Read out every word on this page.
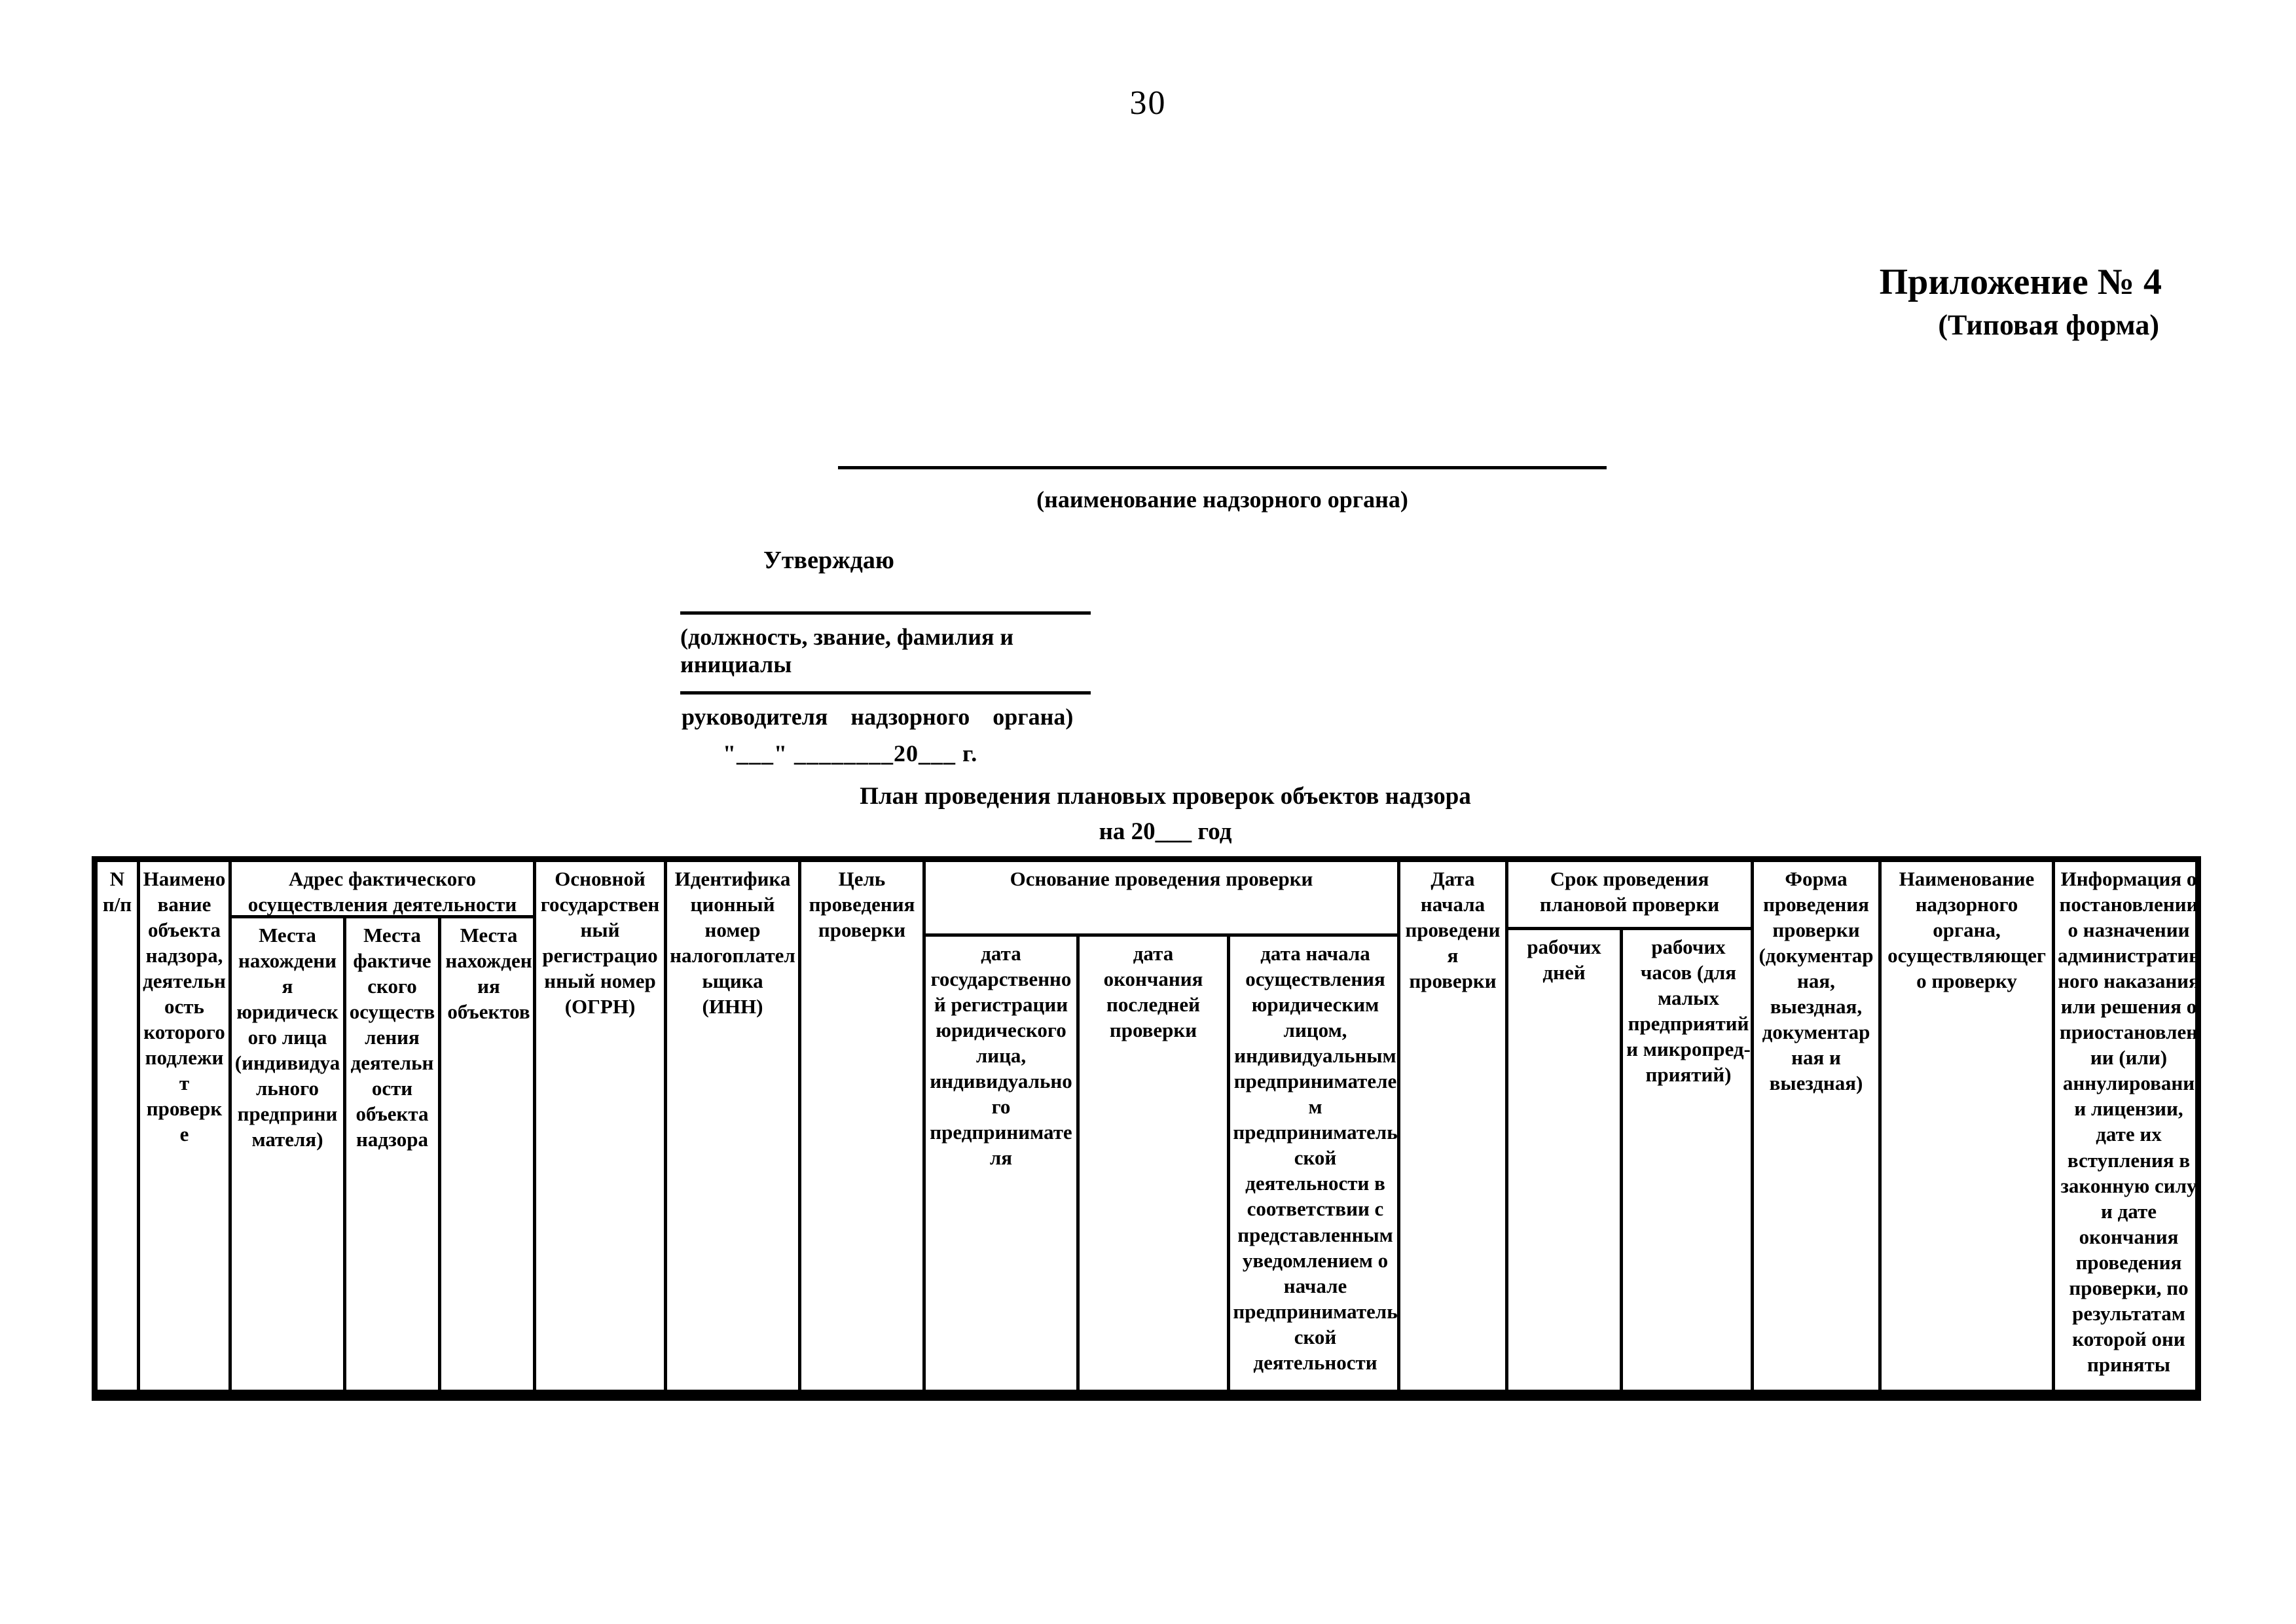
30
Приложение № 4
(Типовая форма)
(наименование надзорного органа)
Утверждаю
(должность, звание, фамилия и инициалы
руководителя надзорного органа)
"___" ________20___ г.
План проведения плановых проверок объектов надзора
на 20___ год
N п/п
Наименование объекта надзора, деятельность которого подлежит проверке
Адрес фактического осуществления деятельности
Места нахождения юридического лица (индивидуального предпринимателя)
Места фактического осуществления деятельности объекта надзора
Места нахождения объектов
Основной государственный регистрационный номер (ОГРН)
Идентификационный номер налогоплательщика (ИНН)
Цель проведения проверки
Основание проведения проверки
дата государственной регистрации юридического лица, индивидуального предпринимателя
дата окончания последней проверки
дата начала осуществления юридическим лицом, индивидуальным предпринимателем предпринимательской деятельности в соответствии с представленным уведомлением о начале предпринимательской деятельности
Дата начала проведения проверки
Срок проведения плановой проверки
рабочих дней
рабочих часов (для малых предприятий и микропред-приятий)
Форма проведения проверки (документарная, выездная, документарная и выездная)
Наименование надзорного органа, осуществляющего проверку
Информация о постановлении о назначении административного наказания или решения о приостановлении (или) аннулировании лицензии, дате их вступления в законную силу и дате окончания проведения проверки, по результатам которой они приняты
